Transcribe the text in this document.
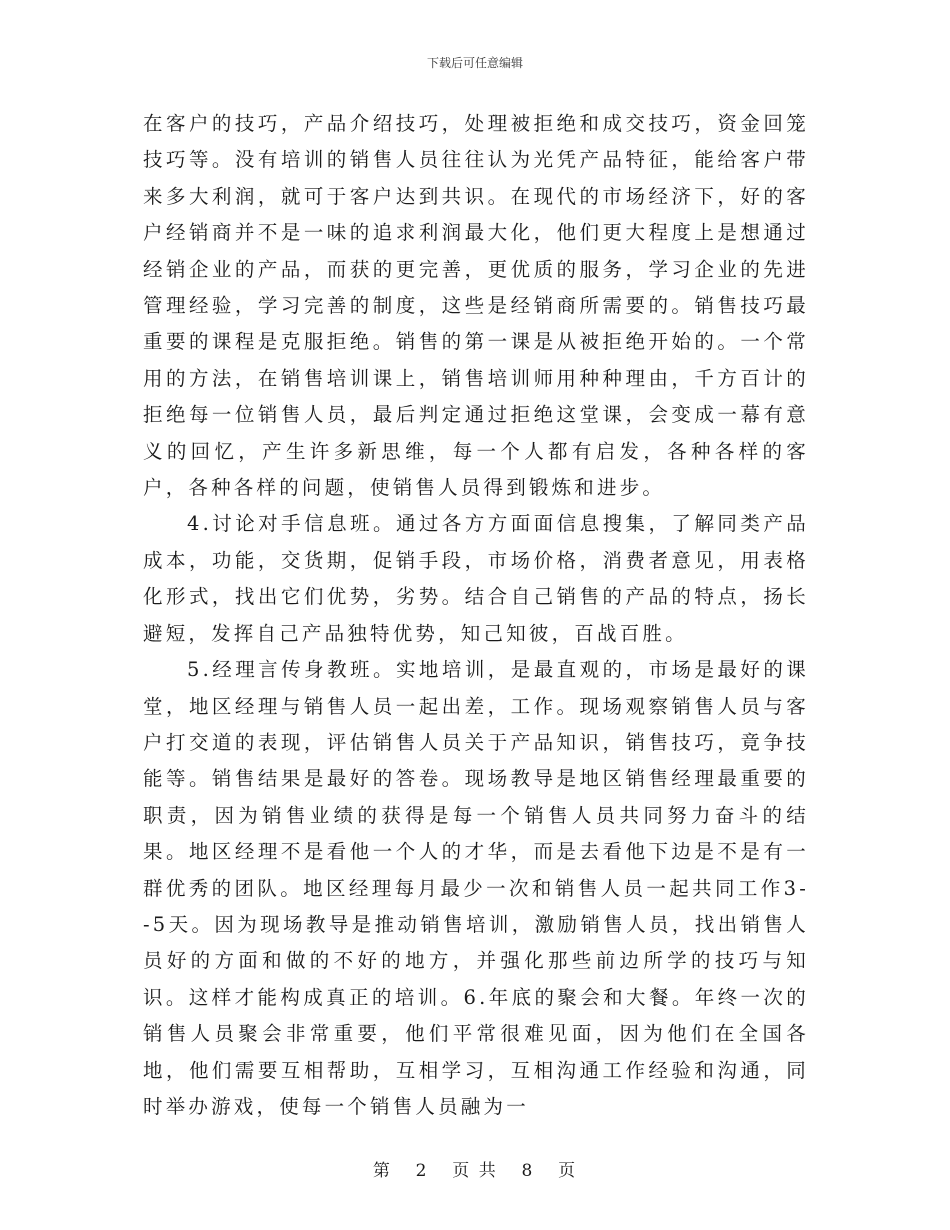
下载后可任意编辑

在客户的技巧，产品介绍技巧，处理被拒绝和成交技巧，资金回笼技巧等。没有培训的销售人员往往认为光凭产品特征，能给客户带来多大利润，就可于客户达到共识。在现代的市场经济下，好的客户经销商并不是一味的追求利润最大化，他们更大程度上是想通过经销企业的产品，而获的更完善，更优质的服务，学习企业的先进管理经验，学习完善的制度，这些是经销商所需要的。销售技巧最重要的课程是克服拒绝。销售的第一课是从被拒绝开始的。一个常用的方法，在销售培训课上，销售培训师用种种理由，千方百计的拒绝每一位销售人员，最后判定通过拒绝这堂课，会变成一幕有意义的回忆，产生许多新思维，每一个人都有启发，各种各样的客户，各种各样的问题，使销售人员得到锻炼和进步。

4.讨论对手信息班。通过各方方面面信息搜集，了解同类产品成本，功能，交货期，促销手段，市场价格，消费者意见，用表格化形式，找出它们优势，劣势。结合自己销售的产品的特点，扬长避短，发挥自己产品独特优势，知己知彼，百战百胜。

5.经理言传身教班。实地培训，是最直观的，市场是最好的课堂，地区经理与销售人员一起出差，工作。现场观察销售人员与客户打交道的表现，评估销售人员关于产品知识，销售技巧，竟争技能等。销售结果是最好的答卷。现场教导是地区销售经理最重要的职责，因为销售业绩的获得是每一个销售人员共同努力奋斗的结果。地区经理不是看他一个人的才华，而是去看他下边是不是有一群优秀的团队。地区经理每月最少一次和销售人员一起共同工作3--5天。因为现场教导是推动销售培训，激励销售人员，找出销售人员好的方面和做的不好的地方，并强化那些前边所学的技巧与知识。这样才能构成真正的培训。6.年底的聚会和大餐。年终一次的销售人员聚会非常重要，他们平常很难见面，因为他们在全国各地，他们需要互相帮助，互相学习，互相沟通工作经验和沟通，同时举办游戏，使每一个销售人员融为一

第 2 页 共 8 页
